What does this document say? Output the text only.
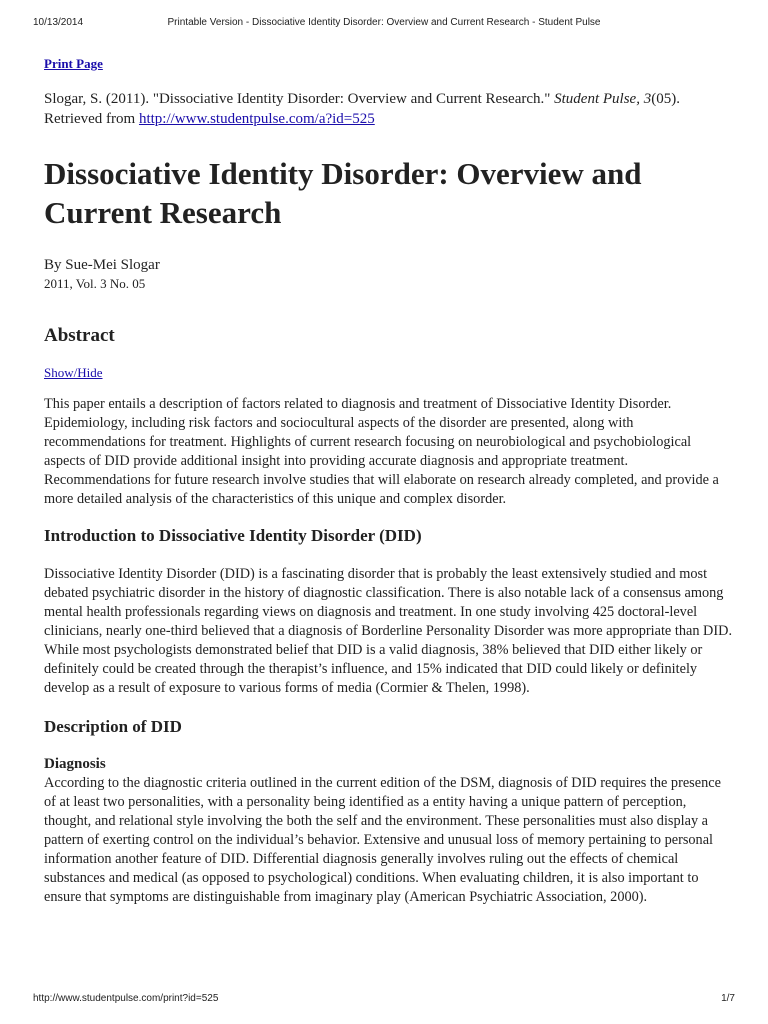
10/13/2014	Printable Version - Dissociative Identity Disorder: Overview and Current Research - Student Pulse
Print Page

Slogar, S. (2011). "Dissociative Identity Disorder: Overview and Current Research." Student Pulse, 3(05). Retrieved from http://www.studentpulse.com/a?id=525

Dissociative Identity Disorder: Overview and Current Research
By Sue-Mei Slogar
2011, Vol. 3 No. 05
Abstract
Show/Hide

This paper entails a description of factors related to diagnosis and treatment of Dissociative Identity Disorder. Epidemiology, including risk factors and sociocultural aspects of the disorder are presented, along with recommendations for treatment. Highlights of current research focusing on neurobiological and psychobiological aspects of DID provide additional insight into providing accurate diagnosis and appropriate treatment. Recommendations for future research involve studies that will elaborate on research already completed, and provide a more detailed analysis of the characteristics of this unique and complex disorder.

Introduction to Dissociative Identity Disorder (DID)

Dissociative Identity Disorder (DID) is a fascinating disorder that is probably the least extensively studied and most debated psychiatric disorder in the history of diagnostic classification. There is also notable lack of a consensus among mental health professionals regarding views on diagnosis and treatment. In one study involving 425 doctoral-level clinicians, nearly one-third believed that a diagnosis of Borderline Personality Disorder was more appropriate than DID. While most psychologists demonstrated belief that DID is a valid diagnosis, 38% believed that DID either likely or definitely could be created through the therapist’s influence, and 15% indicated that DID could likely or definitely develop as a result of exposure to various forms of media (Cormier & Thelen, 1998).

Description of DID
Diagnosis

According to the diagnostic criteria outlined in the current edition of the DSM, diagnosis of DID requires the presence of at least two personalities, with a personality being identified as a entity having a unique pattern of perception, thought, and relational style involving the both the self and the environment. These personalities must also display a pattern of exerting control on the individual’s behavior. Extensive and unusual loss of memory pertaining to personal information another feature of DID. Differential diagnosis generally involves ruling out the effects of chemical substances and medical (as opposed to psychological) conditions. When evaluating children, it is also important to ensure that symptoms are distinguishable from imaginary play (American Psychiatric Association, 2000).

http://www.studentpulse.com/print?id=525	1/7
